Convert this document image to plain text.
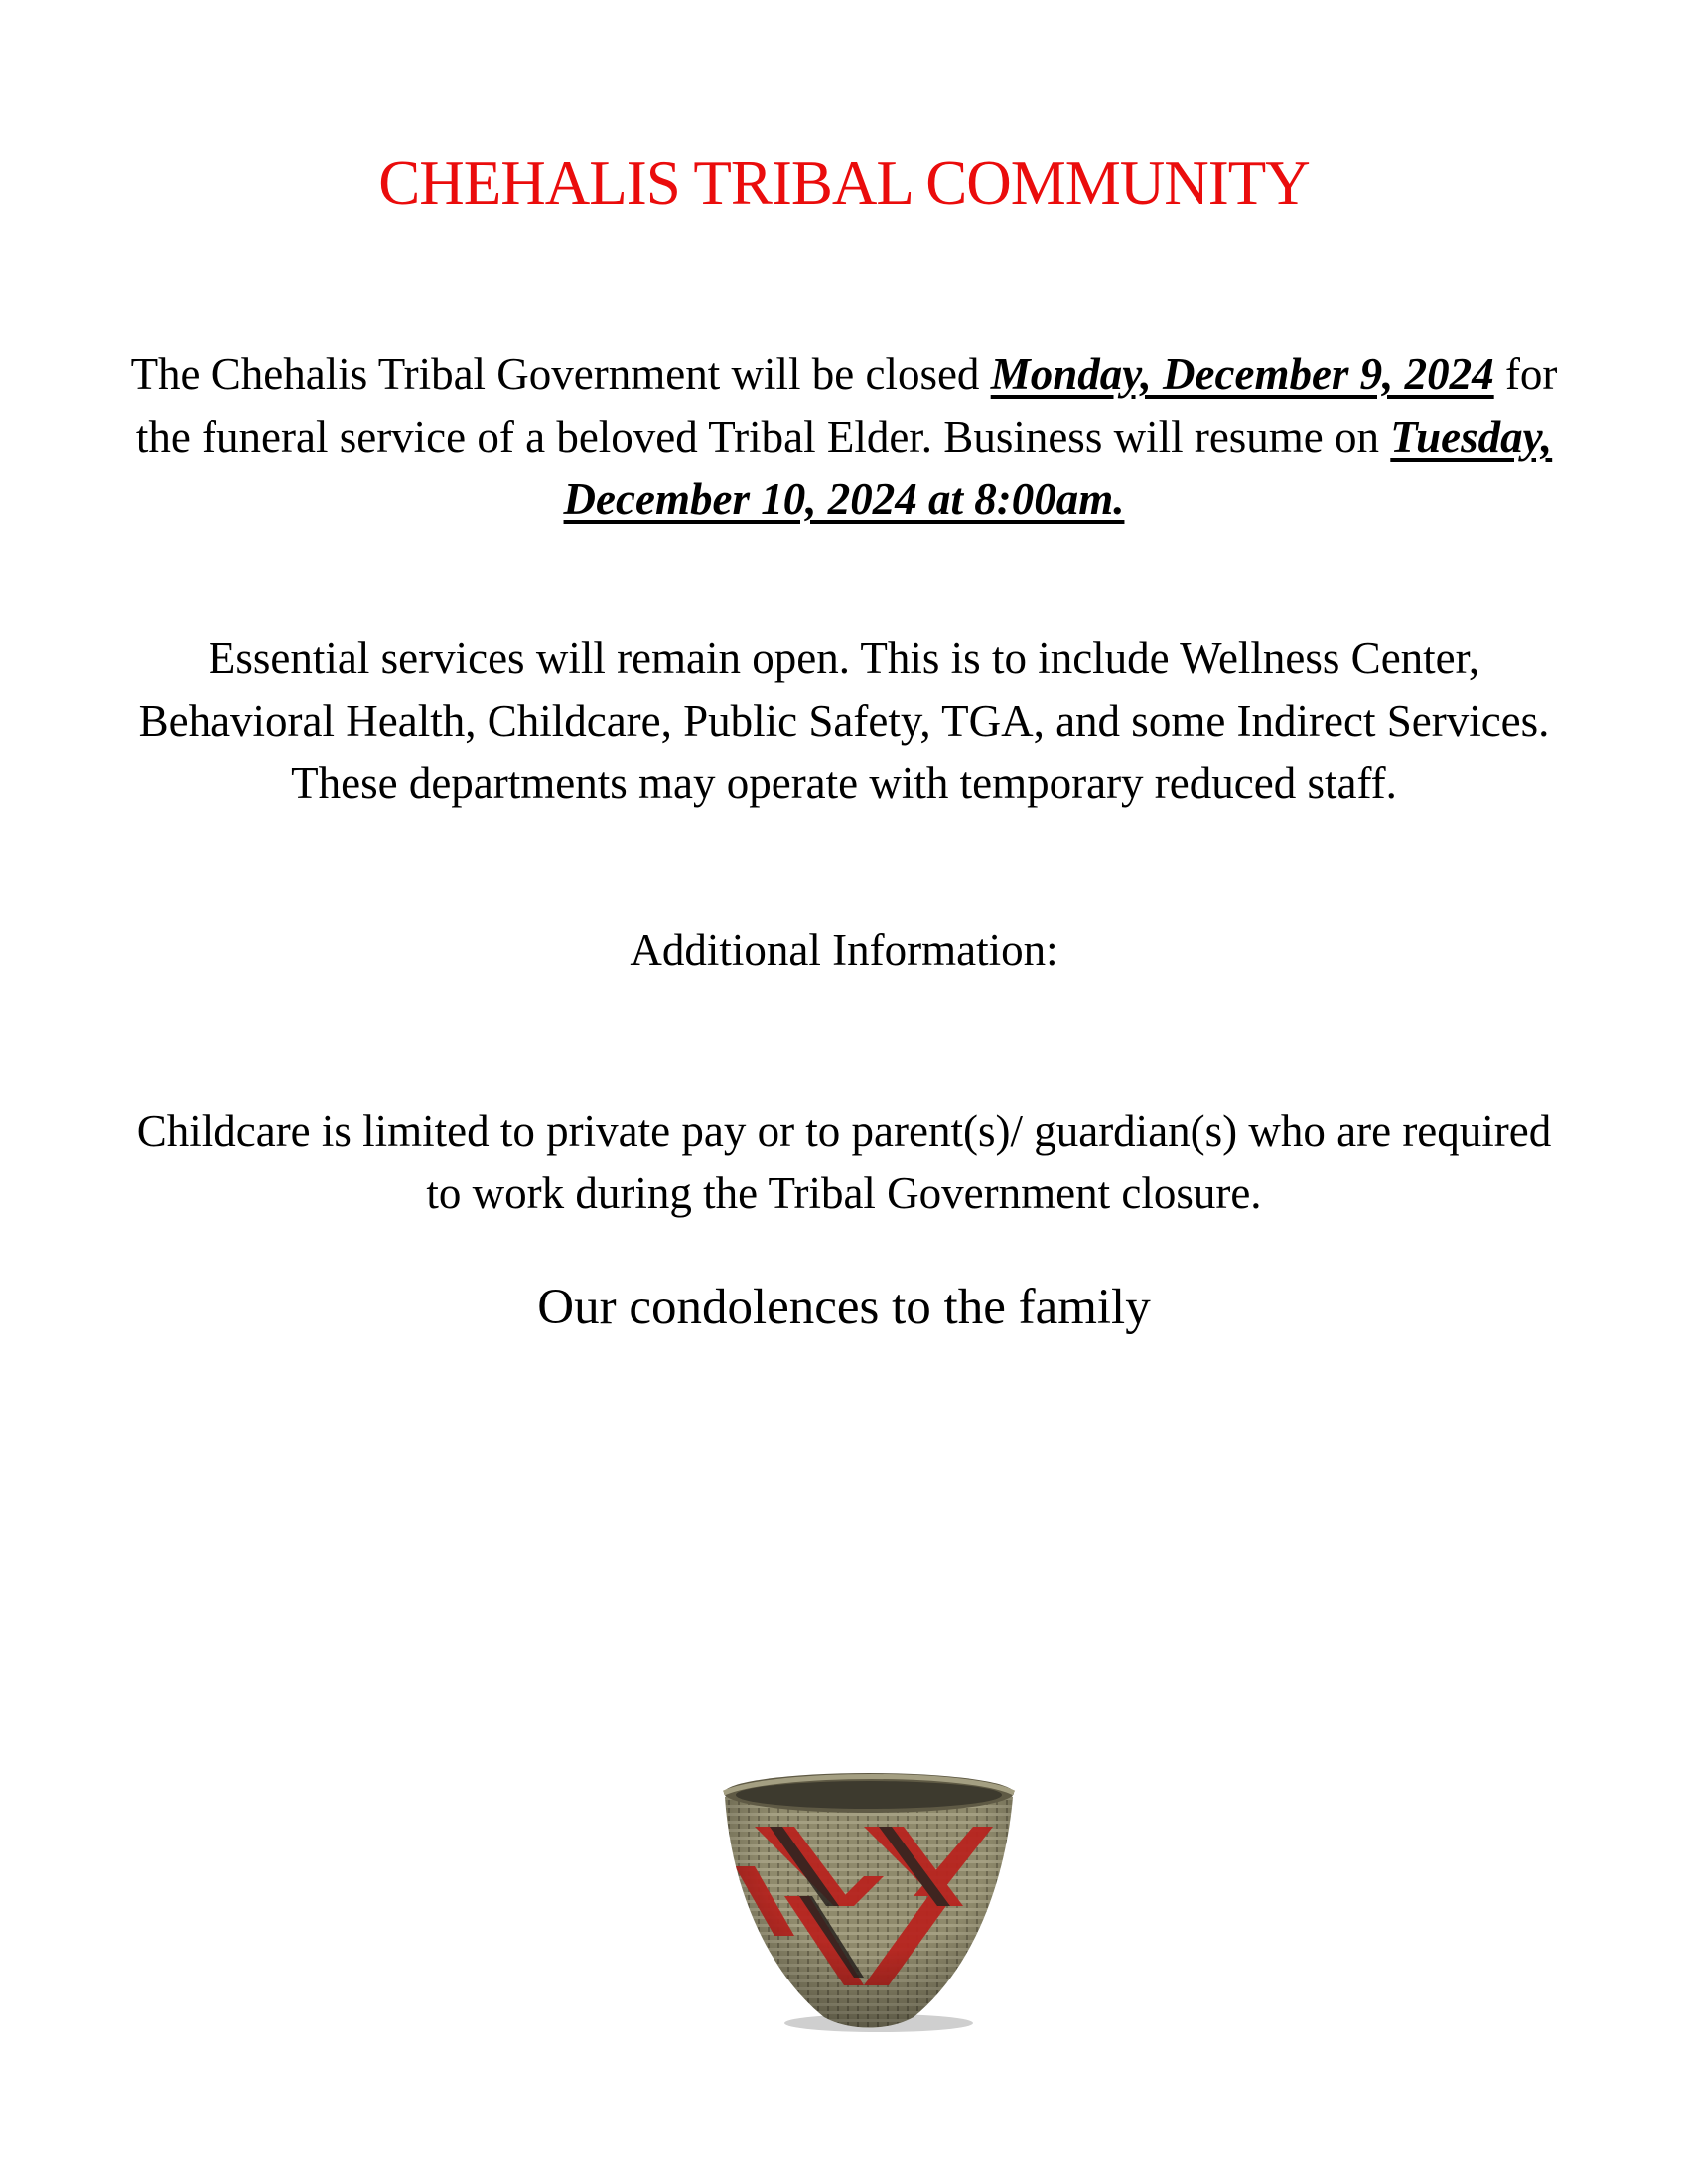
CHEHALIS TRIBAL COMMUNITY

The Chehalis Tribal Government will be closed Monday, December 9, 2024 for the funeral service of a beloved Tribal Elder. Business will resume on Tuesday, December 10, 2024 at 8:00am.

Essential services will remain open. This is to include Wellness Center, Behavioral Health, Childcare, Public Safety, TGA, and some Indirect Services. These departments may operate with temporary reduced staff.

Additional Information:

Childcare is limited to private pay or to parent(s)/ guardian(s) who are required to work during the Tribal Government closure.

Our condolences to the family
